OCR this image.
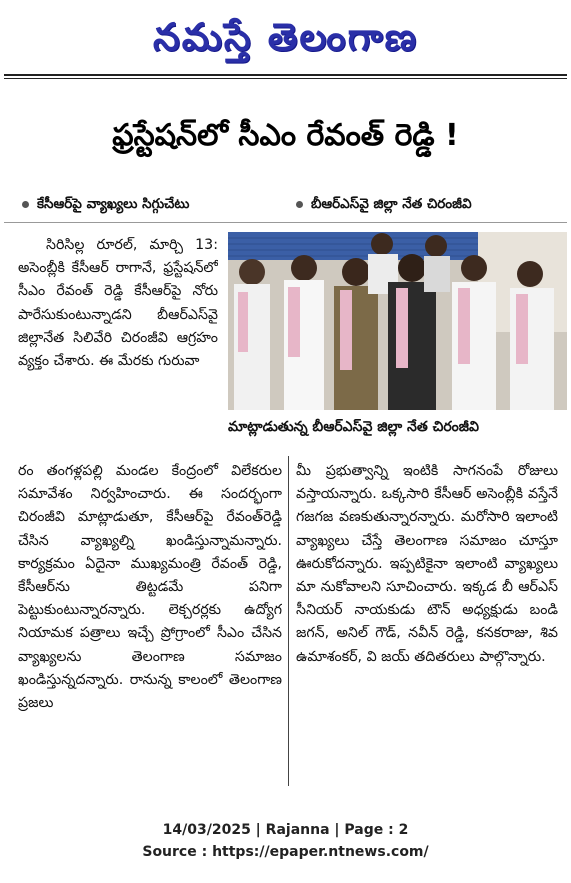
నమస్తే తెలంగాణ
ఫ్రస్టేషన్‌లో సీఎం రేవంత్ రెడ్డి !
కేసీఆర్‌పై వ్యాఖ్యలు సిగ్గుచేటు	బీఆర్‌ఎస్‌వై జిల్లా నేత చిరంజీవి

సిరిసిల్ల రూరల్, మార్చి 13: అసెంబ్లీకి కేసీఆర్ రాగానే, ఫ్రస్టేషన్‌లో సీఎం రేవంత్ రెడ్డి కేసీఆర్‌పై నోరు పారేసుకుంటున్నాడని బీఆర్‌ఎస్‌వై జిల్లానేత సిలివేరి చిరంజీవి ఆగ్రహం వ్యక్తం చేశారు. ఈ మేరకు గురువా

మాట్లాడుతున్న బీఆర్‌ఎస్‌వై జిల్లా నేత చిరంజీవి

రం తంగళ్లపల్లి మండల కేంద్రంలో విలేకరుల సమావేశం నిర్వహించారు. ఈ సందర్భంగా చిరంజీవి మాట్లాడుతూ, కేసీఆర్‌పై రేవంత్‌రెడ్డి చేసిన వ్యాఖ్యల్ని ఖండిస్తున్నామన్నారు. కార్యక్రమం ఏదైనా ముఖ్యమంత్రి రేవంత్ రెడ్డి, కేసీఆర్‌ను తిట్టడమే పనిగా పెట్టుకుంటున్నారన్నారు. లెక్చరర్లకు ఉద్యోగ నియామక పత్రాలు ఇచ్చే ప్రోగ్రాంలో సీఎం చేసిన వ్యాఖ్యలను తెలంగాణ సమాజం ఖండిస్తున్నదన్నారు. రానున్న కాలంలో తెలంగాణ ప్రజలు

మీ ప్రభుత్వాన్ని ఇంటికి సాగనంపే రోజులు వస్తాయన్నారు. ఒక్కసారి కేసీఆర్ అసెంబ్లీకి వస్తేనే గజగజ వణకుతున్నారన్నారు. మరోసారి ఇలాంటి వ్యాఖ్యలు చేస్తే తెలంగాణ సమాజం చూస్తూ ఊరుకోదన్నారు. ఇప్పటికైనా ఇలాంటి వ్యాఖ్యలు మా నుకోవాలని సూచించారు. ఇక్కడ బీ ఆర్‌ఎస్ సీనియర్ నాయకుడు టౌన్ అధ్యక్షుడు బండి జగన్, అనిల్ గౌడ్, నవీన్ రెడ్డి, కనకరాజు, శివ ఉమాశంకర్, వి జయ్ తదితరులు పాల్గొన్నారు.

14/03/2025 | Rajanna | Page : 2
Source : https://epaper.ntnews.com/
